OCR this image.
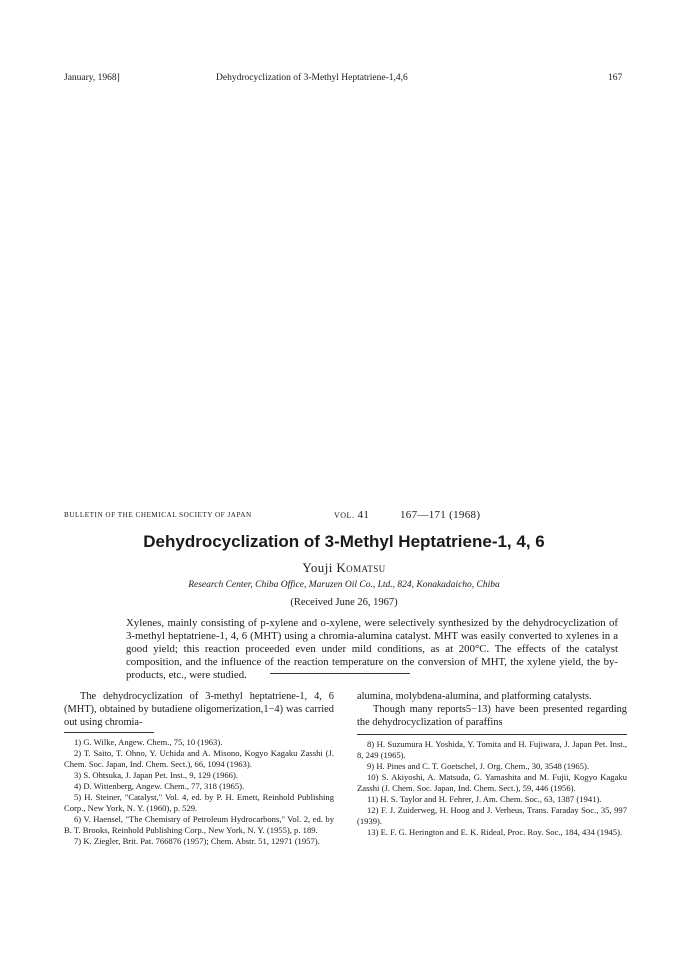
January, 1968]	Dehydrocyclization of 3-Methyl Heptatriene-1,4,6	167
BULLETIN OF THE CHEMICAL SOCIETY OF JAPAN	VOL. 41	167—171 (1968)
Dehydrocyclization of 3-Methyl Heptatriene-1, 4, 6
Youji Komatsu
Research Center, Chiba Office, Maruzen Oil Co., Ltd., 824, Konakadaicho, Chiba
(Received June 26, 1967)
Xylenes, mainly consisting of p-xylene and o-xylene, were selectively synthesized by the dehydrocyclization of 3-methyl heptatriene-1, 4, 6 (MHT) using a chromia-alumina catalyst. MHT was easily converted to xylenes in a good yield; this reaction proceeded even under mild conditions, as at 200°C. The effects of the catalyst composition, and the influence of the reaction temperature on the conversion of MHT, the xylene yield, the by-products, etc., were studied.

The dehydrocyclization of 3-methyl heptatriene-1, 4, 6 (MHT), obtained by butadiene oligomerization,1−4) was carried out using chromia-

1) G. Wilke, Angew. Chem., 75, 10 (1963).

2) T. Saito, T. Ohno, Y. Uchida and A. Misono, Kogyo Kagaku Zasshi (J. Chem. Soc. Japan, Ind. Chem. Sect.), 66, 1094 (1963).

3) S. Ohtsuka, J. Japan Pet. Inst., 9, 129 (1966).

4) D. Wittenberg, Angew. Chem., 77, 318 (1965).

5) H. Steiner, "Catalyst," Vol. 4, ed. by P. H. Emett, Reinhold Publishing Corp., New York, N. Y. (1960), p. 529.

6) V. Haensel, "The Chemistry of Petroleum Hydrocarbons," Vol. 2, ed. by B. T. Brooks, Reinhold Publishing Corp., New York, N. Y. (1955), p. 189.

7) K. Ziegler, Brit. Pat. 766876 (1957); Chem. Abstr. 51, 12971 (1957).

alumina, molybdena-alumina, and platforming catalysts.

Though many reports5−13) have been presented regarding the dehydrocyclization of paraffins

8) H. Suzumura H. Yoshida, Y. Tomita and H. Fujiwara, J. Japan Pet. Inst., 8, 249 (1965).

9) H. Pines and C. T. Goetschel, J. Org. Chem., 30, 3548 (1965).

10) S. Akiyoshi, A. Matsuda, G. Yamashita and M. Fujii, Kogyo Kagaku Zasshi (J. Chem. Soc. Japan, Ind. Chem. Sect.), 59, 446 (1956).

11) H. S. Taylor and H. Fehrer, J. Am. Chem. Soc., 63, 1387 (1941).

12) F. J. Zuiderweg, H. Hoog and J. Verheus, Trans. Faraday Soc., 35, 997 (1939).

13) E. F. G. Herington and E. K. Rideal, Proc. Roy. Soc., 184, 434 (1945).
